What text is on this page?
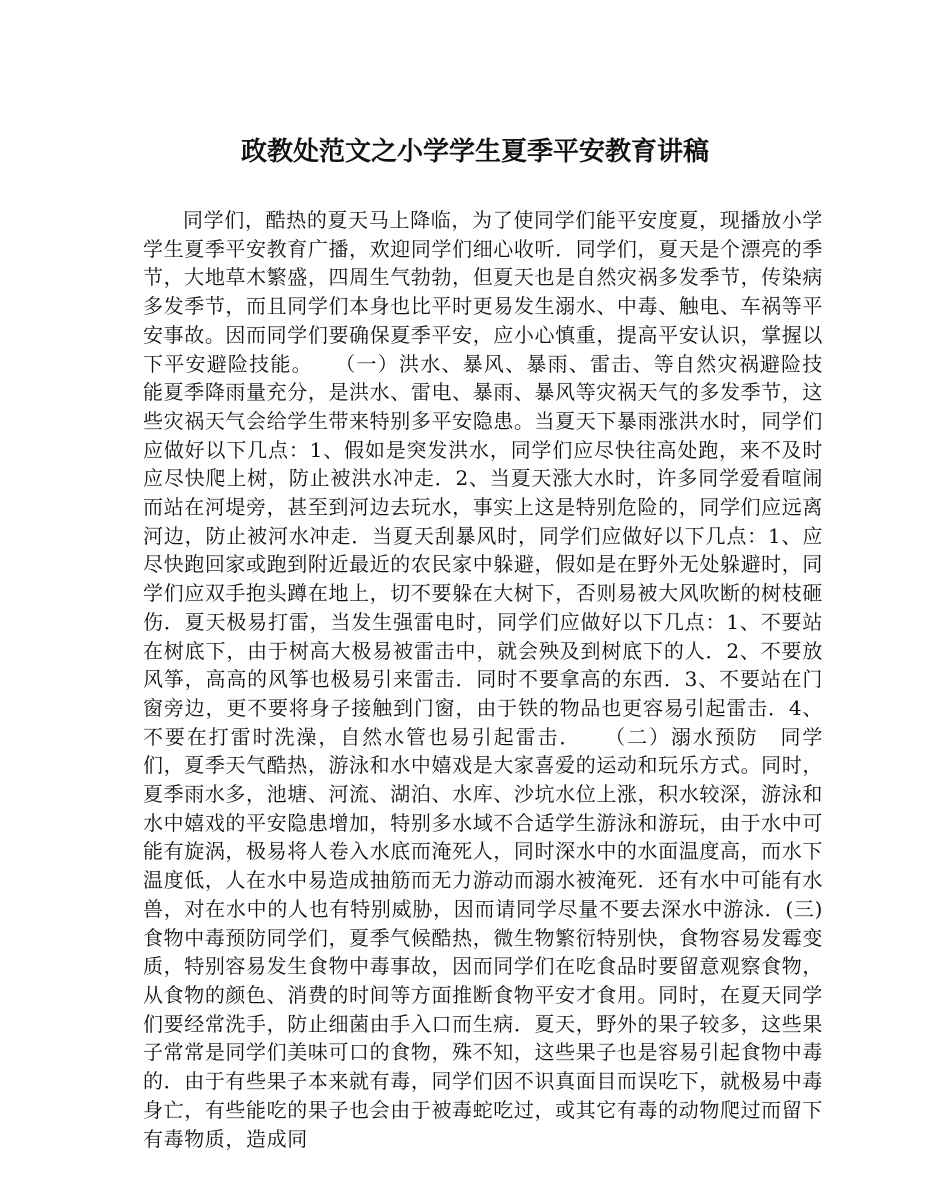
政教处范文之小学学生夏季平安教育讲稿

同学们，酷热的夏天马上降临，为了使同学们能平安度夏，现播放小学学生夏季平安教育广播，欢迎同学们细心收听．同学们，夏天是个漂亮的季节，大地草木繁盛，四周生气勃勃，但夏天也是自然灾祸多发季节，传染病多发季节，而且同学们本身也比平时更易发生溺水、中毒、触电、车祸等平安事故。因而同学们要确保夏季平安，应小心慎重，提高平安认识，掌握以下平安避险技能。　　（一）洪水、暴风、暴雨、雷击、等自然灾祸避险技能夏季降雨量充分，是洪水、雷电、暴雨、暴风等灾祸天气的多发季节，这些灾祸天气会给学生带来特别多平安隐患。当夏天下暴雨涨洪水时，同学们应做好以下几点：1、假如是突发洪水，同学们应尽快往高处跑，来不及时应尽快爬上树，防止被洪水冲走．2、当夏天涨大水时，许多同学爱看喧闹而站在河堤旁，甚至到河边去玩水，事实上这是特别危险的，同学们应远离河边，防止被河水冲走．当夏天刮暴风时，同学们应做好以下几点：1、应尽快跑回家或跑到附近最近的农民家中躲避，假如是在野外无处躲避时，同学们应双手抱头蹲在地上，切不要躲在大树下，否则易被大风吹断的树枝砸伤．夏天极易打雷，当发生强雷电时，同学们应做好以下几点：1、不要站在树底下，由于树高大极易被雷击中，就会殃及到树底下的人．2、不要放风筝，高高的风筝也极易引来雷击．同时不要拿高的东西．3、不要站在门窗旁边，更不要将身子接触到门窗，由于铁的物品也更容易引起雷击．4、不要在打雷时洗澡，自然水管也易引起雷击．　　（二）溺水预防　同学们，夏季天气酷热，游泳和水中嬉戏是大家喜爱的运动和玩乐方式。同时，夏季雨水多，池塘、河流、湖泊、水库、沙坑水位上涨，积水较深，游泳和水中嬉戏的平安隐患增加，特别多水域不合适学生游泳和游玩，由于水中可能有旋涡，极易将人卷入水底而淹死人，同时深水中的水面温度高，而水下温度低，人在水中易造成抽筋而无力游动而溺水被淹死．还有水中可能有水兽，对在水中的人也有特别威胁，因而请同学尽量不要去深水中游泳．(三)食物中毒预防同学们，夏季气候酷热，微生物繁衍特别快，食物容易发霉变质，特别容易发生食物中毒事故，因而同学们在吃食品时要留意观察食物，从食物的颜色、消费的时间等方面推断食物平安才食用。同时，在夏天同学们要经常洗手，防止细菌由手入口而生病．夏天，野外的果子较多，这些果子常常是同学们美味可口的食物，殊不知，这些果子也是容易引起食物中毒的．由于有些果子本来就有毒，同学们因不识真面目而误吃下，就极易中毒身亡，有些能吃的果子也会由于被毒蛇吃过，或其它有毒的动物爬过而留下有毒物质，造成同
